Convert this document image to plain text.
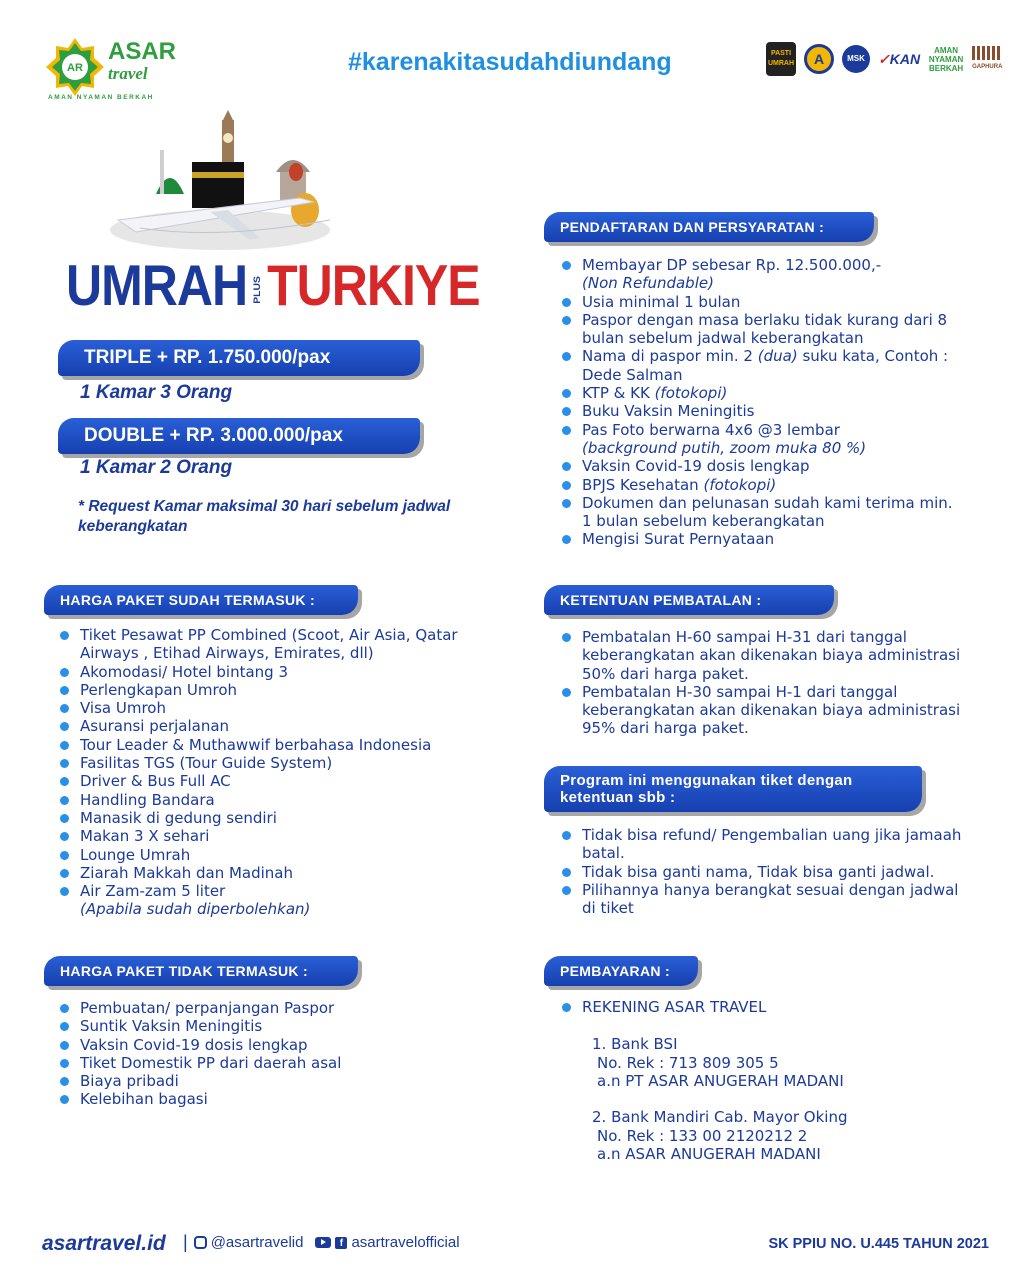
AR
ASAR
travel
AMAN NYAMAN BERKAH
#karenakitasudahdiundang	PASTI UMRAH A	MSK ✓KAN
AMAN NYAMAN BERKAH GAPHURA
UMRAH PLUS TURKIYE
TRIPLE + RP. 1.750.000/pax
1 Kamar 3 Orang
DOUBLE + RP. 3.000.000/pax
1 Kamar 2 Orang
* Request Kamar maksimal 30 hari sebelum jadwal keberangkatan
HARGA PAKET SUDAH TERMASUK :
Tiket Pesawat PP Combined (Scoot, Air Asia, Qatar Airways , Etihad Airways, Emirates, dll)
Akomodasi/ Hotel bintang 3
Perlengkapan Umroh
Visa Umroh
Asuransi perjalanan
Tour Leader & Muthawwif berbahasa Indonesia
Fasilitas TGS (Tour Guide System)
Driver & Bus Full AC
Handling Bandara
Manasik di gedung sendiri
Makan 3 X sehari
Lounge Umrah
Ziarah Makkah dan Madinah
Air Zam-zam 5 liter
(Apabila sudah diperbolehkan)
HARGA PAKET TIDAK TERMASUK :
Pembuatan/ perpanjangan Paspor
Suntik Vaksin Meningitis
Vaksin Covid-19 dosis lengkap
Tiket Domestik PP dari daerah asal
Biaya pribadi
Kelebihan bagasi
PENDAFTARAN DAN PERSYARATAN :
Membayar DP sebesar Rp. 12.500.000,-
(Non Refundable)
Usia minimal 1 bulan
Paspor dengan masa berlaku tidak kurang dari 8 bulan sebelum jadwal keberangkatan
Nama di paspor min. 2 (dua) suku kata, Contoh : Dede Salman
KTP & KK (fotokopi)
Buku Vaksin Meningitis
Pas Foto berwarna 4x6 @3 lembar
(background putih, zoom muka 80 %)
Vaksin Covid-19 dosis lengkap
BPJS Kesehatan (fotokopi)
Dokumen dan pelunasan sudah kami terima min. 1 bulan sebelum keberangkatan
Mengisi Surat Pernyataan
KETENTUAN PEMBATALAN :
Pembatalan H-60 sampai H-31 dari tanggal keberangkatan akan dikenakan biaya administrasi 50% dari harga paket.
Pembatalan H-30 sampai H-1 dari tanggal keberangkatan akan dikenakan biaya administrasi 95% dari harga paket.
Program ini menggunakan tiket dengan
ketentuan sbb :
Tidak bisa refund/ Pengembalian uang jika jamaah batal.
Tidak bisa ganti nama, Tidak bisa ganti jadwal.
Pilihannya hanya berangkat sesuai dengan jadwal di tiket
PEMBAYARAN :
REKENING ASAR TRAVEL
1. Bank BSI
No. Rek : 713 809 305 5
a.n PT ASAR ANUGERAH MADANI
2. Bank Mandiri Cab. Mayor Oking
No. Rek : 133 00 2120212 2
a.n ASAR ANUGERAH MADANI
asartravel.id | @asartravelid	f asartravelofficial	SK PPIU NO. U.445 TAHUN 2021
